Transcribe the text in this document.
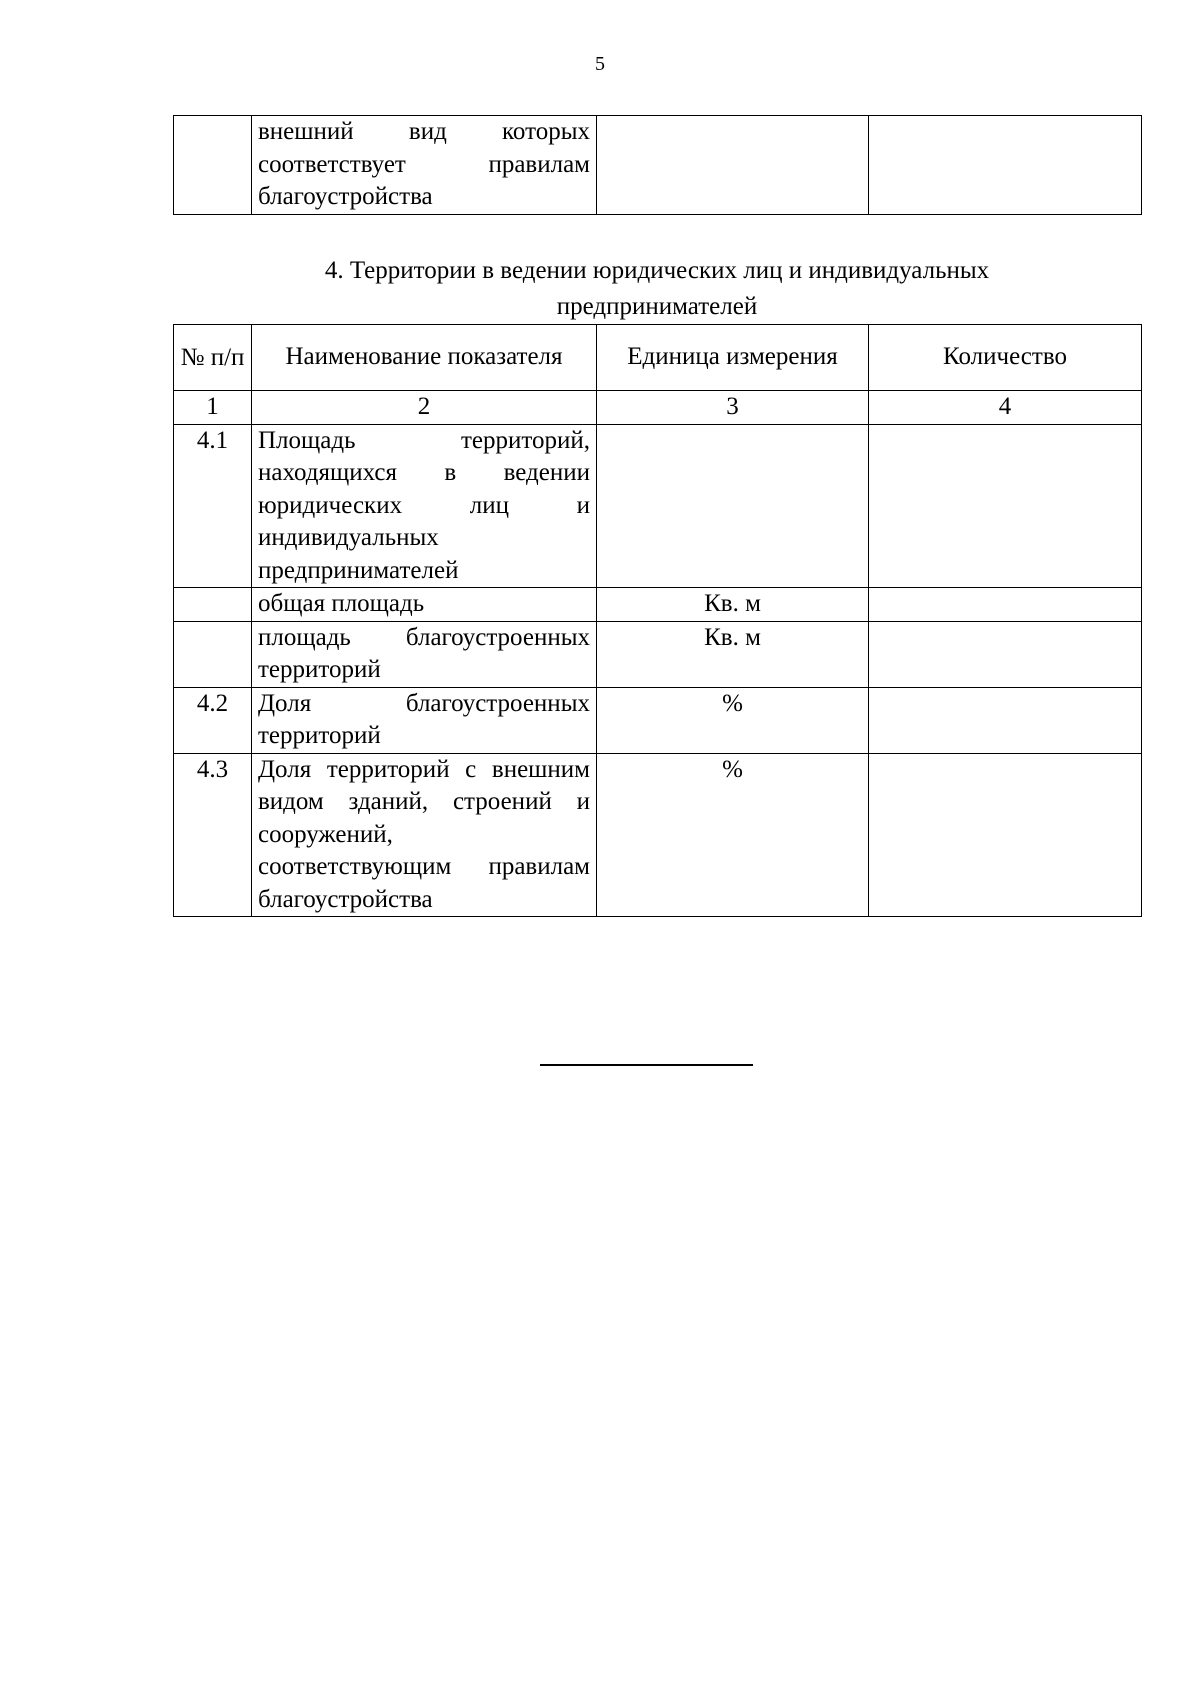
5
	внешний вид которых соответствует правилам благоустройства		
4. Территории в ведении юридических лиц и индивидуальных
предпринимателей
№ п/п	Наименование показателя	Единица измерения	Количество
1	2	3	4
4.1	Площадь территорий, находящихся в ведении юридических лиц и индивидуальных предпринимателей		
	общая площадь	Кв. м	
	площадь благоустроенных территорий	Кв. м	
4.2	Доля благоустроенных территорий	%	
4.3	Доля территорий с внешним видом зданий, строений и сооружений, соответствующим правилам благоустройства	%	
